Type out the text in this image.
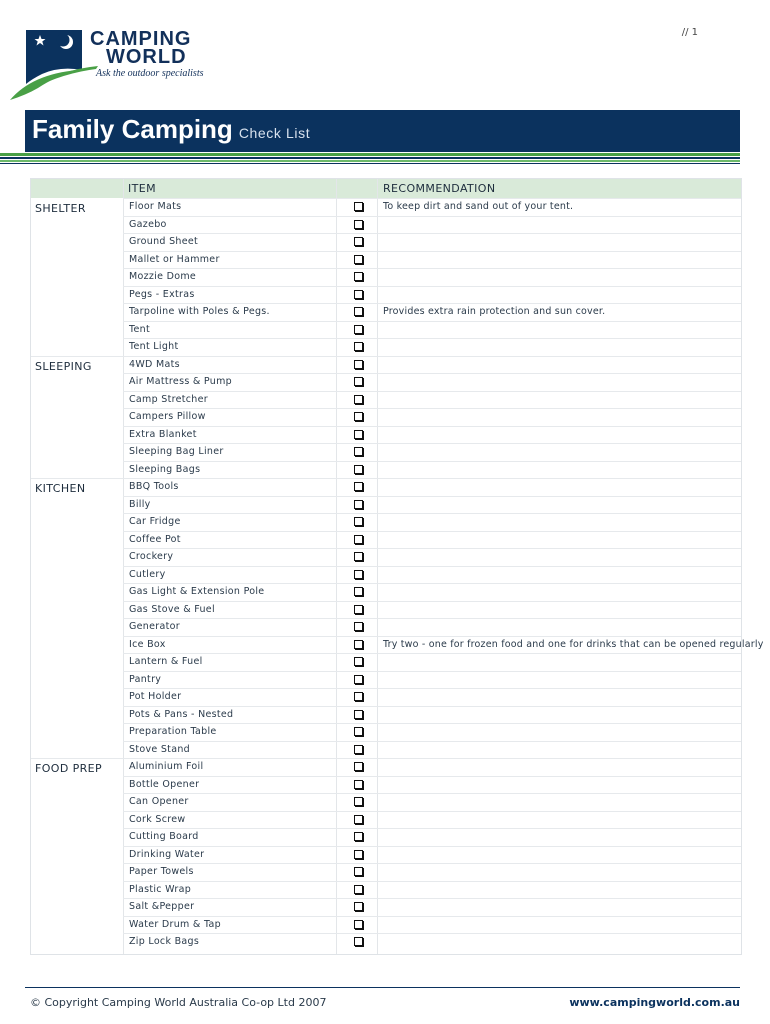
// 1
CAMPING
WORLD
Ask the outdoor specialists
Family Camping Check List
ITEM	RECOMMENDATION
SHELTER	Floor Mats	To keep dirt and sand out of your tent.
Gazebo
Ground Sheet
Mallet or Hammer
Mozzie Dome
Pegs - Extras
Tarpoline with Poles & Pegs.	Provides extra rain protection and sun cover.
Tent
Tent Light
SLEEPING	4WD Mats
Air Mattress & Pump
Camp Stretcher
Campers Pillow
Extra Blanket
Sleeping Bag Liner
Sleeping Bags
KITCHEN	BBQ Tools
Billy
Car Fridge
Coffee Pot
Crockery
Cutlery
Gas Light & Extension Pole
Gas Stove & Fuel
Generator
Ice Box	Try two - one for frozen food and one for drinks that can be opened regularly
Lantern & Fuel
Pantry
Pot Holder
Pots & Pans - Nested
Preparation Table
Stove Stand
FOOD PREP	Aluminium Foil
Bottle Opener
Can Opener
Cork Screw
Cutting Board
Drinking Water
Paper Towels
Plastic Wrap
Salt &Pepper
Water Drum & Tap
Zip Lock Bags
© Copyright Camping World Australia Co-op Ltd 2007	www.campingworld.com.au
